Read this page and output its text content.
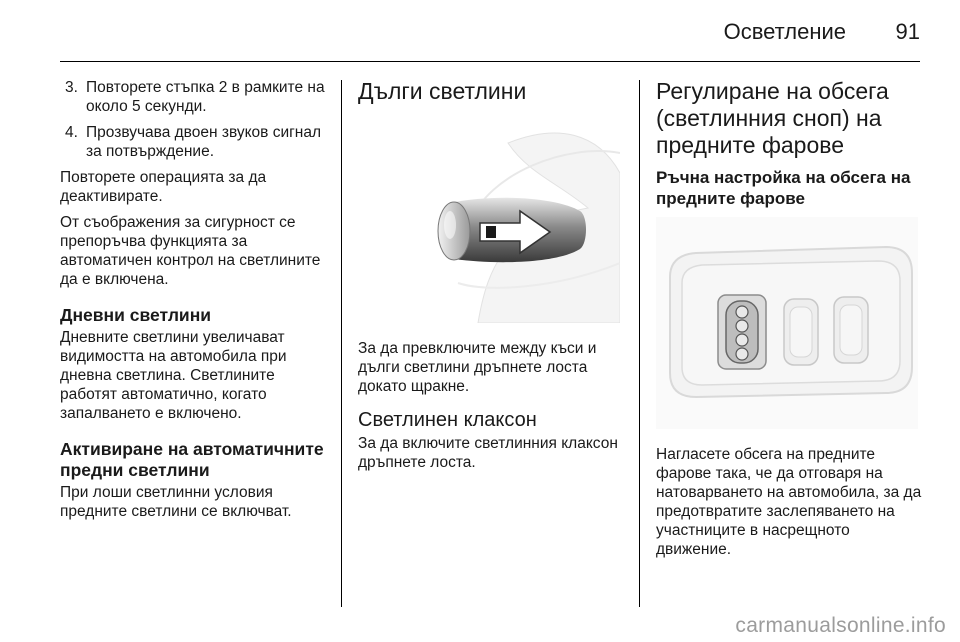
Осветление	91
3. Повторете стъпка 2 в рамките на около 5 секунди.
4. Прозвучава двоен звуков сигнал за потвърждение.

Повторете операцията за да деактивирате.

От съображения за сигурност се препоръчва функцията за автоматичен контрол на светлините да е включена.

Дневни светлини

Дневните светлини увеличават видимостта на автомобила при дневна светлина. Светлините работят автоматично, когато запалването е включено.

Активиране на автоматичните предни светлини

При лоши светлинни условия предните светлини се включват.

Дълги светлини

За да превключите между къси и дълги светлини дръпнете лоста докато щракне.

Светлинен клаксон

За да включите светлинния клаксон дръпнете лоста.

Регулиране на обсега (светлинния сноп) на предните фарове
Ръчна настройка на обсега на предните фарове

Нагласете обсега на предните фарове така, че да отговаря на натоварването на автомобила, за да предотвратите заслепяването на участниците в насрещното движение.

carmanualsonline.info
